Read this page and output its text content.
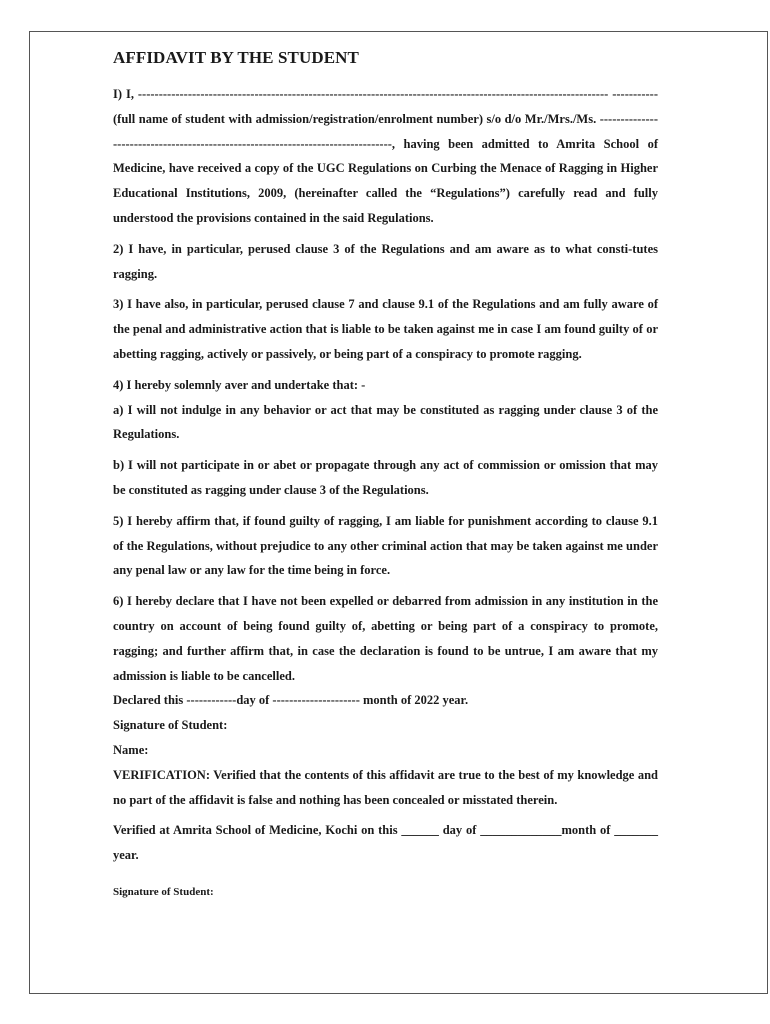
AFFIDAVIT BY THE STUDENT

I) I, ----------------------------------------------------------------------------------------------------------------- ----------- (full name of student with admission/registration/enrolment number) s/o d/o Mr./Mrs./Ms. ---------------------------------------------------------------------------------, having been admitted to Amrita School of Medicine, have received a copy of the UGC Regulations on Curbing the Menace of Ragging in Higher Educational Institutions, 2009, (hereinafter called the “Regulations”) carefully read and fully understood the provisions contained in the said Regulations.

2) I have, in particular, perused clause 3 of the Regulations and am aware as to what consti-tutes ragging.

3) I have also, in particular, perused clause 7 and clause 9.1 of the Regulations and am fully aware of the penal and administrative action that is liable to be taken against me in case I am found guilty of or abetting ragging, actively or passively, or being part of a conspiracy to promote ragging.

4) I hereby solemnly aver and undertake that: -

a) I will not indulge in any behavior or act that may be constituted as ragging under clause 3 of the Regulations.

b) I will not participate in or abet or propagate through any act of commission or omission that may be constituted as ragging under clause 3 of the Regulations.

5) I hereby affirm that, if found guilty of ragging, I am liable for punishment according to clause 9.1 of the Regulations, without prejudice to any other criminal action that may be taken against me under any penal law or any law for the time being in force.

6) I hereby declare that I have not been expelled or debarred from admission in any institution in the country on account of being found guilty of, abetting or being part of a conspiracy to promote, ragging; and further affirm that, in case the declaration is found to be untrue, I am aware that my admission is liable to be cancelled.

Declared this ------------day of --------------------- month of 2022 year.

Signature of Student:

Name:

VERIFICATION: Verified that the contents of this affidavit are true to the best of my knowledge and no part of the affidavit is false and nothing has been concealed or misstated therein.

Verified at Amrita School of Medicine, Kochi on this ______ day of _____________month of _______ year.

Signature of Student:
